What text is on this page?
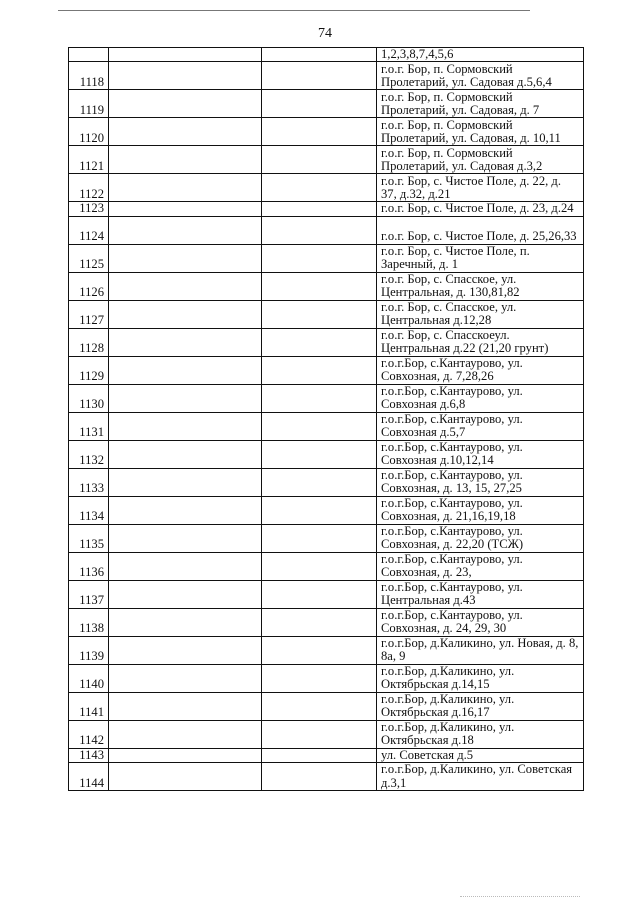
74

			1,2,3,8,7,4,5,6

1118			г.о.г. Бор, п. Сормовский Пролетарий, ул. Садовая д.5,6,4

1119			г.о.г. Бор, п. Сормовский Пролетарий, ул. Садовая, д. 7

1120			г.о.г. Бор, п. Сормовский Пролетарий, ул. Садовая, д. 10,11

1121			г.о.г. Бор, п. Сормовский Пролетарий, ул. Садовая д.3,2

1122			г.о.г. Бор, с. Чистое Поле, д. 22, д. 37, д.32, д.21

1123			г.о.г. Бор, с. Чистое Поле, д. 23, д.24

1124			г.о.г. Бор, с. Чистое Поле, д. 25,26,33

1125			г.о.г. Бор, с. Чистое Поле, п. Заречный, д. 1

1126			г.о.г. Бор, с. Спасское, ул. Центральная, д. 130,81,82

1127			г.о.г. Бор, с. Спасское, ул. Центральная д.12,28

1128			г.о.г. Бор, с. Спасскоеул. Центральная д.22 (21,20 грунт)

1129			г.о.г.Бор, с.Кантаурово, ул. Совхозная, д. 7,28,26

1130			г.о.г.Бор, с.Кантаурово, ул. Совхозная д.6,8

1131			г.о.г.Бор, с.Кантаурово, ул. Совхозная д.5,7

1132			г.о.г.Бор, с.Кантаурово, ул. Совхозная д.10,12,14

1133			г.о.г.Бор, с.Кантаурово, ул. Совхозная, д. 13, 15, 27,25

1134			г.о.г.Бор, с.Кантаурово, ул. Совхозная, д. 21,16,19,18

1135			г.о.г.Бор, с.Кантаурово, ул. Совхозная, д. 22,20 (ТСЖ)

1136			г.о.г.Бор, с.Кантаурово, ул. Совхозная, д. 23,

1137			г.о.г.Бор, с.Кантаурово, ул. Центральная д.43

1138			г.о.г.Бор, с.Кантаурово, ул. Совхозная, д. 24, 29, 30

1139			г.о.г.Бор, д.Каликино, ул. Новая, д. 8, 8а, 9

1140			г.о.г.Бор, д.Каликино, ул. Октябрьская д.14,15

1141			г.о.г.Бор, д.Каликино, ул. Октябрьская д.16,17

1142			г.о.г.Бор, д.Каликино, ул. Октябрьская д.18

1143			ул. Советская д.5

1144			г.о.г.Бор, д.Каликино, ул. Советская д.3,1
